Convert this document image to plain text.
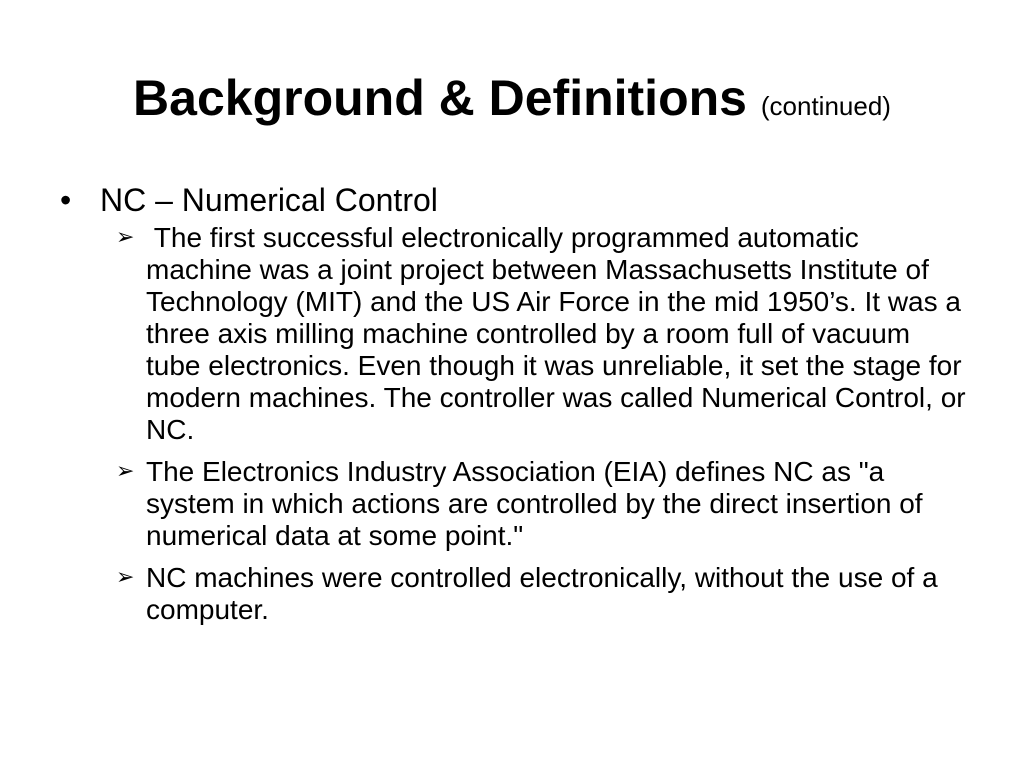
Background & Definitions (continued)
• NC – Numerical Control
➢ The first successful electronically programmed automatic machine was a joint project between Massachusetts Institute of Technology (MIT) and the US Air Force in the mid 1950’s. It was a three axis milling machine controlled by a room full of vacuum tube electronics. Even though it was unreliable, it set the stage for modern machines. The controller was called Numerical Control, or NC.
➢ The Electronics Industry Association (EIA) defines NC as "a system in which actions are controlled by the direct insertion of numerical data at some point."
➢ NC machines were controlled electronically, without the use of a computer.
